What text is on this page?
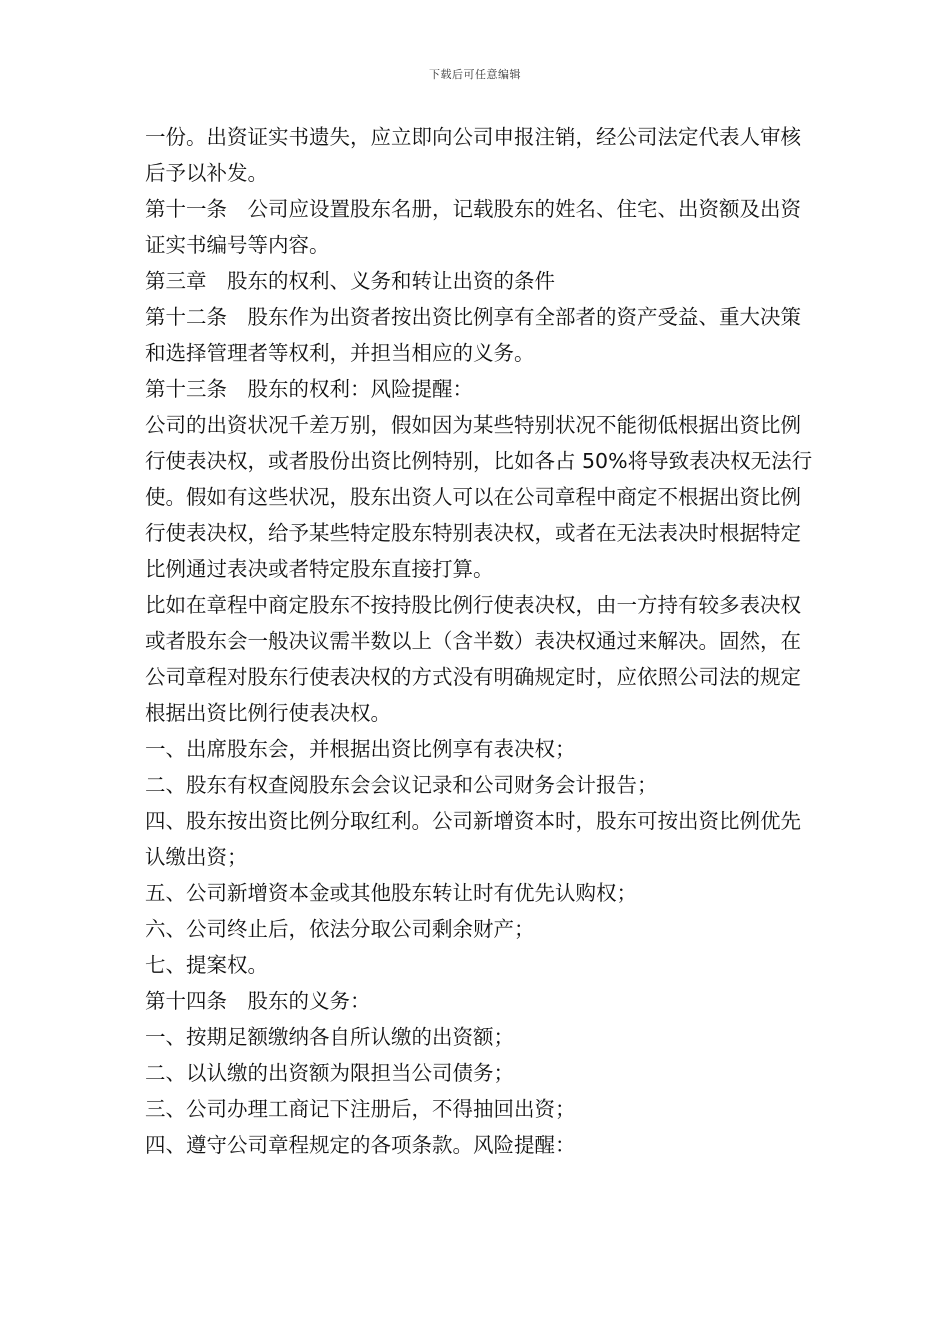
下载后可任意编辑

一份。出资证实书遗失，应立即向公司申报注销，经公司法定代表人审核后予以补发。

第十一条　公司应设置股东名册，记载股东的姓名、住宅、出资额及出资证实书编号等内容。

第三章　股东的权利、义务和转让出资的条件

第十二条　股东作为出资者按出资比例享有全部者的资产受益、重大决策和选择管理者等权利，并担当相应的义务。

第十三条　股东的权利：风险提醒：

公司的出资状况千差万别，假如因为某些特别状况不能彻低根据出资比例行使表决权，或者股份出资比例特别，比如各占 50%将导致表决权无法行使。假如有这些状况，股东出资人可以在公司章程中商定不根据出资比例行使表决权，给予某些特定股东特别表决权，或者在无法表决时根据特定比例通过表决或者特定股东直接打算。

比如在章程中商定股东不按持股比例行使表决权，由一方持有较多表决权或者股东会一般决议需半数以上（含半数）表决权通过来解决。固然，在公司章程对股东行使表决权的方式没有明确规定时，应依照公司法的规定根据出资比例行使表决权。

一、出席股东会，并根据出资比例享有表决权；

二、股东有权查阅股东会会议记录和公司财务会计报告；

四、股东按出资比例分取红利。公司新增资本时，股东可按出资比例优先认缴出资；

五、公司新增资本金或其他股东转让时有优先认购权；

六、公司终止后，依法分取公司剩余财产；

七、提案权。

第十四条　股东的义务：

一、按期足额缴纳各自所认缴的出资额；

二、以认缴的出资额为限担当公司债务；

三、公司办理工商记下注册后，不得抽回出资；

四、遵守公司章程规定的各项条款。风险提醒：
